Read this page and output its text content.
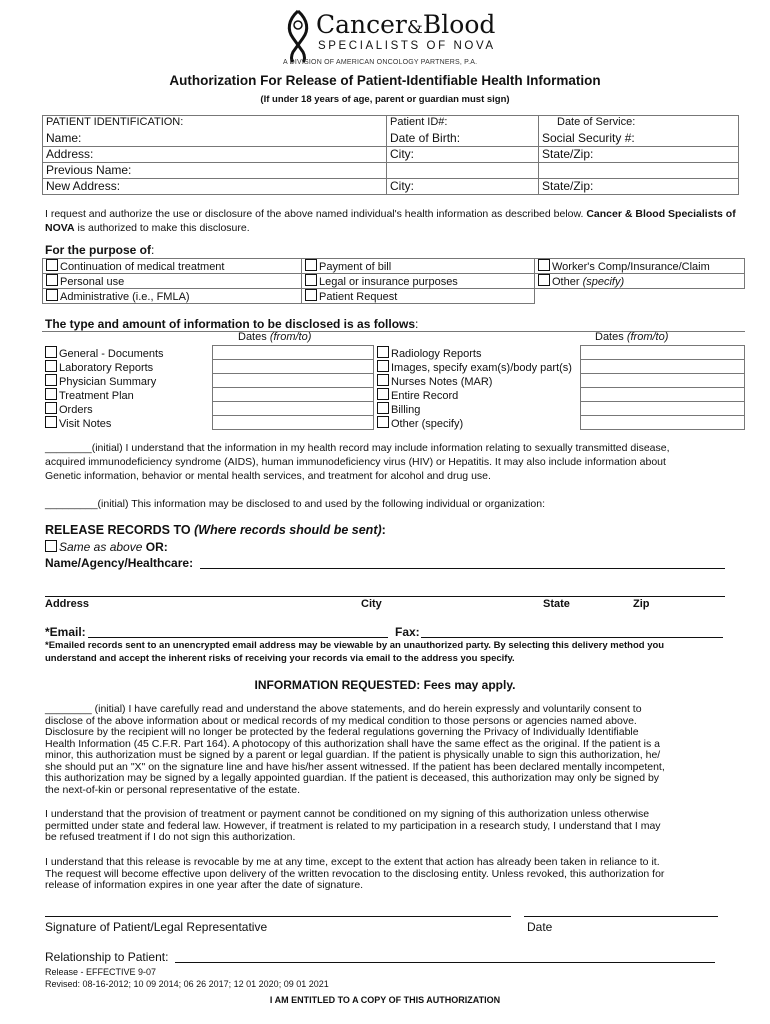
Cancer&Blood
SPECIALISTS OF NOVA
A DIVISION OF AMERICAN ONCOLOGY PARTNERS, P.A.
Authorization For Release of Patient-Identifiable Health Information
(If under 18 years of age, parent or guardian must sign)
PATIENT IDENTIFICATION:	Patient ID#:	Date of Service:
Name:	Date of Birth:	Social Security #:
Address:	City:	State/Zip:
Previous Name:		
New Address:	City:	State/Zip:
I request and authorize the use or disclosure of the above named individual's health information as described below. Cancer & Blood Specialists of NOVA is authorized to make this disclosure.
For the purpose of:
Continuation of medical treatment	Payment of bill	Worker's Comp/Insurance/Claim
Personal use	Legal or insurance purposes	Other (specify)
Administrative (i.e., FMLA)	Patient Request	
The type and amount of information to be disclosed is as follows:
Dates (from/to)	Dates (from/to)

General - Documents		Radiology Reports	
Laboratory Reports		Images, specify exam(s)/body part(s)	
Physician Summary		Nurses Notes (MAR)	
Treatment Plan		Entire Record	
Orders		Billing	
Visit Notes		Other (specify)	
________(initial) I understand that the information in my health record may include information relating to sexually transmitted disease,
acquired immunodeficiency syndrome (AIDS), human immunodeficiency virus (HIV) or Hepatitis. It may also include information about
Genetic information, behavior or mental health services, and treatment for alcohol and drug use.
_________(initial) This information may be disclosed to and used by the following individual or organization:
RELEASE RECORDS TO (Where records should be sent):
Same as above OR:
Name/Agency/Healthcare:
Address	City	State	Zip
*Email:	Fax:
*Emailed records sent to an unencrypted email address may be viewable by an unauthorized party. By selecting this delivery method you
understand and accept the inherent risks of receiving your records via email to the address you specify.
INFORMATION REQUESTED: Fees may apply.
________ (initial) I have carefully read and understand the above statements, and do herein expressly and voluntarily consent to
disclose of the above information about or medical records of my medical condition to those persons or agencies named above.
Disclosure by the recipient will no longer be protected by the federal regulations governing the Privacy of Individually Identifiable
Health Information (45 C.F.R. Part 164). A photocopy of this authorization shall have the same effect as the original. If the patient is a
minor, this authorization must be signed by a parent or legal guardian. If the patient is physically unable to sign this authorization, he/
she should put an "X" on the signature line and have his/her assent witnessed. If the patient has been declared mentally incompetent,
this authorization may be signed by a legally appointed guardian. If the patient is deceased, this authorization may only be signed by
the next-of-kin or personal representative of the estate.
I understand that the provision of treatment or payment cannot be conditioned on my signing of this authorization unless otherwise
permitted under state and federal law. However, if treatment is related to my participation in a research study, I understand that I may
be refused treatment if I do not sign this authorization.
I understand that this release is revocable by me at any time, except to the extent that action has already been taken in reliance to it.
The request will become effective upon delivery of the written revocation to the disclosing entity. Unless revoked, this authorization for
release of information expires in one year after the date of signature.
Signature of Patient/Legal Representative	Date
Relationship to Patient:
Release - EFFECTIVE 9-07
Revised: 08-16-2012; 10 09 2014; 06 26 2017; 12 01 2020; 09 01 2021
I AM ENTITLED TO A COPY OF THIS AUTHORIZATION
